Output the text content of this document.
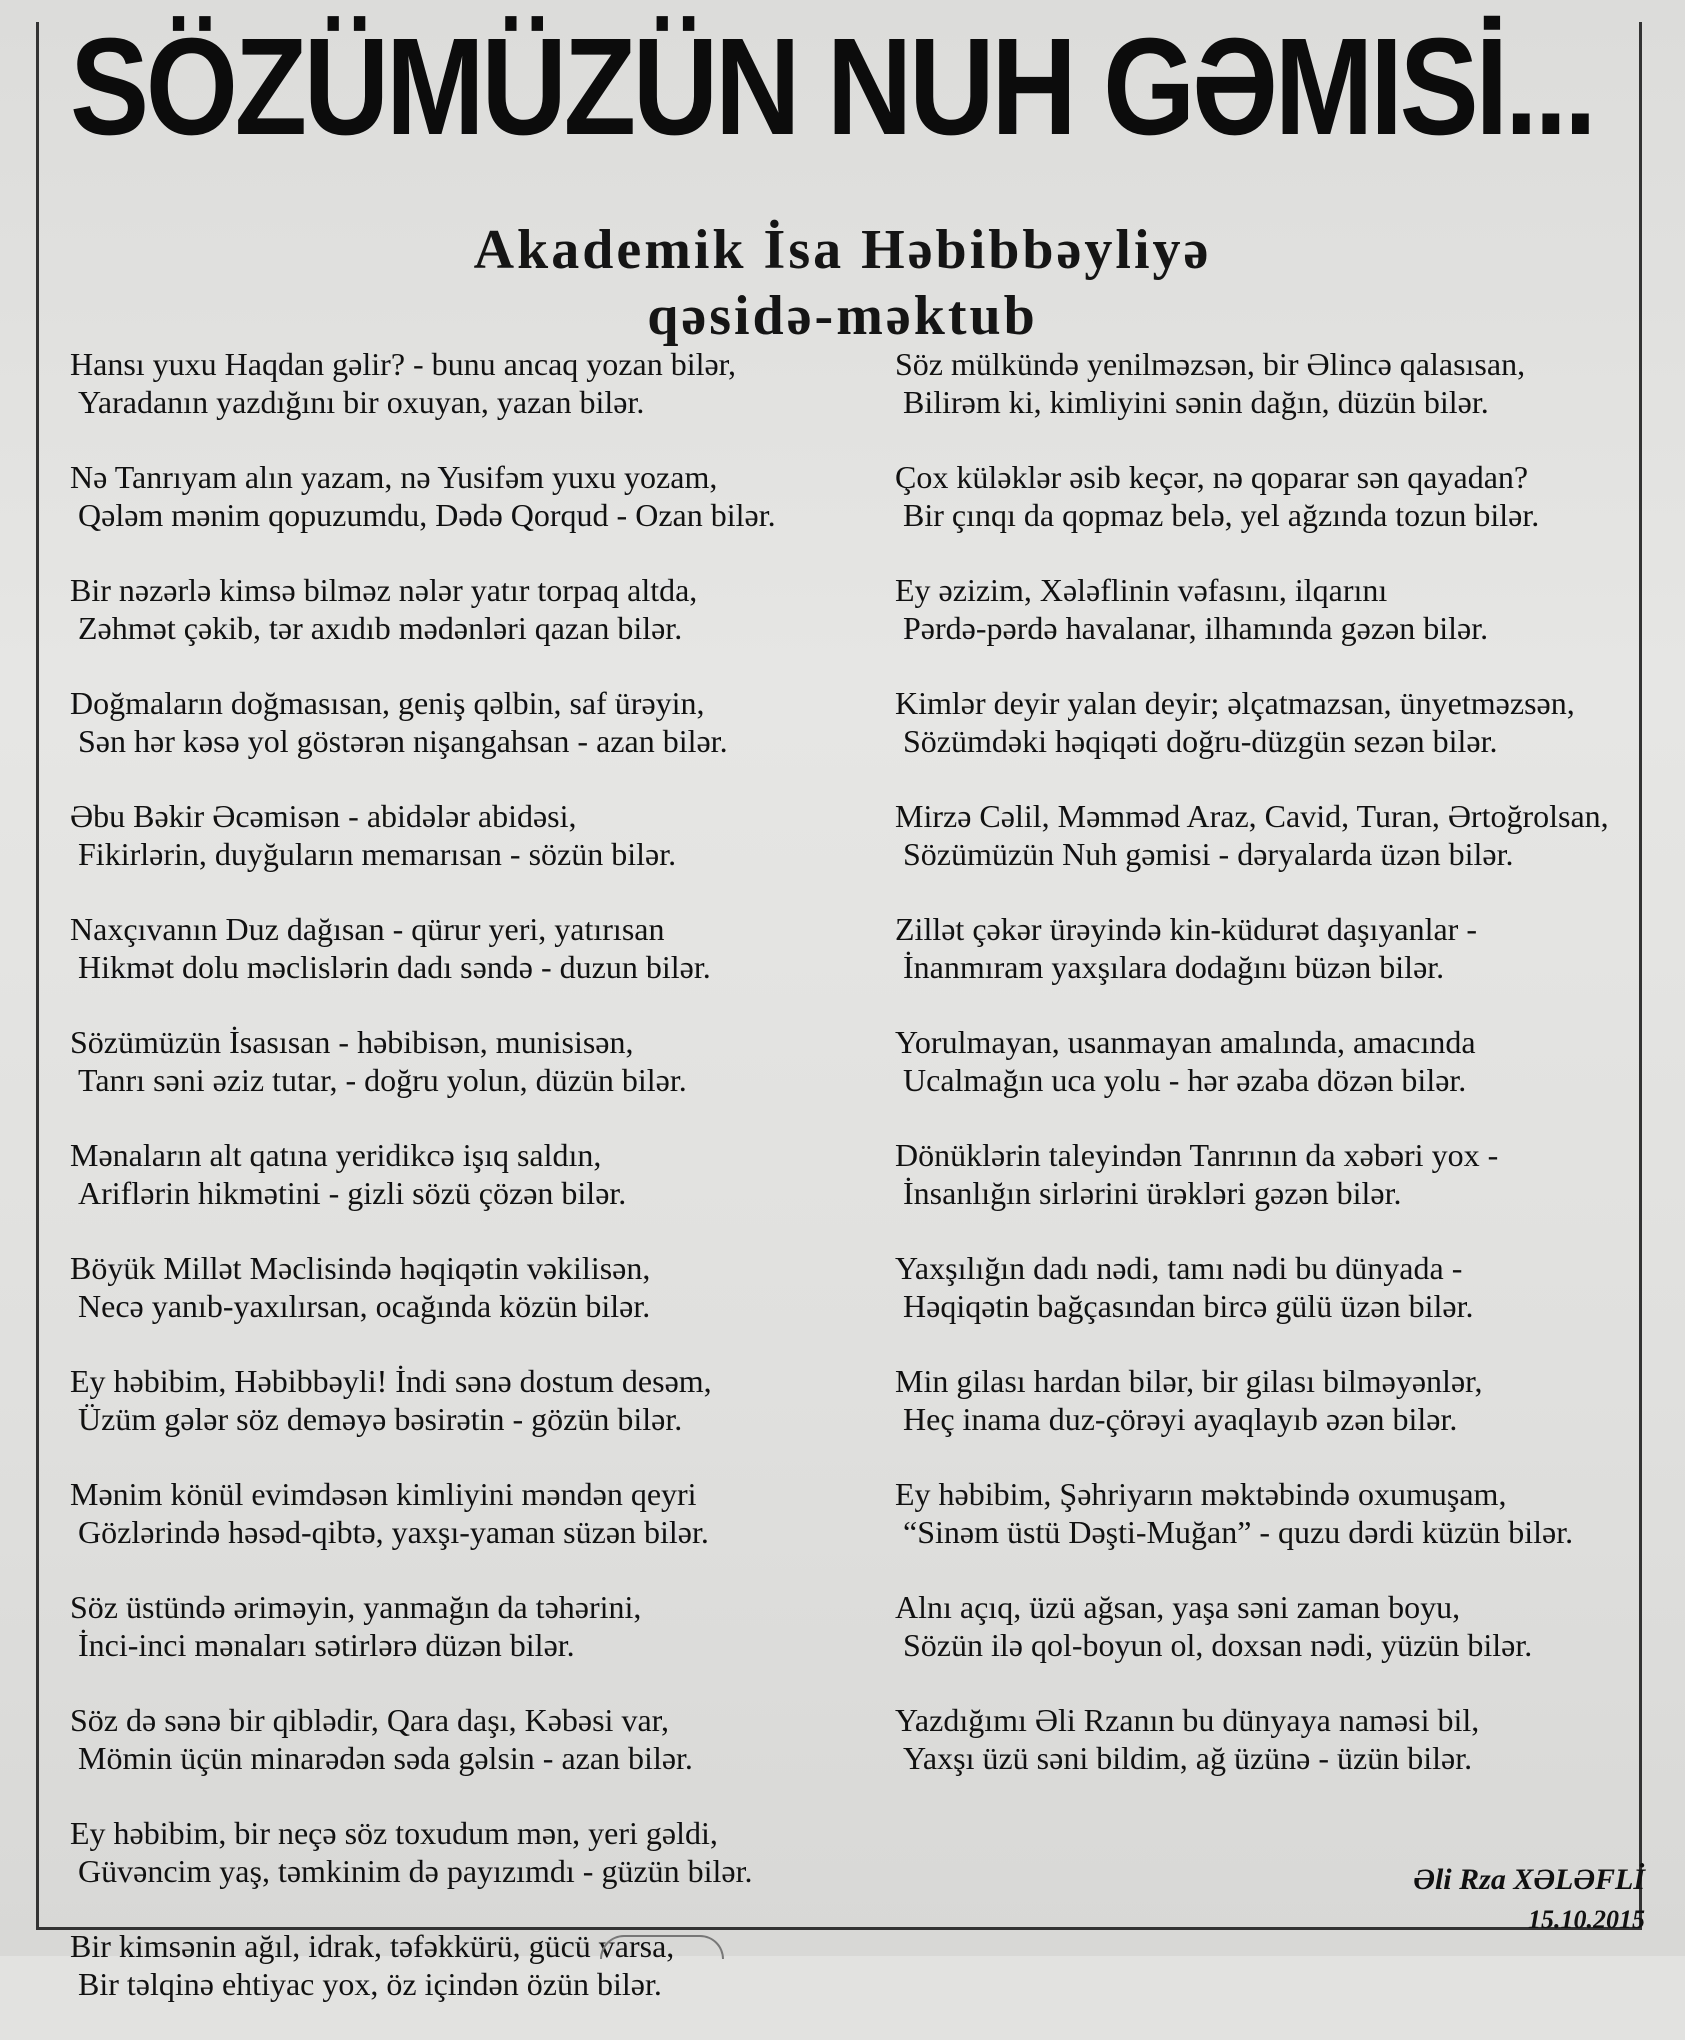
SÖZÜMÜZÜN NUH GƏMISİ...
Akademik İsa Həbibbəyliyə
qəsidə-məktub
Hansı yuxu Haqdan gəlir? - bunu ancaq yozan bilər,
Yaradanın yazdığını bir oxuyan, yazan bilər.
Nə Tanrıyam alın yazam, nə Yusifəm yuxu yozam,
Qələm mənim qopuzumdu, Dədə Qorqud - Ozan bilər.
Bir nəzərlə kimsə bilməz nələr yatır torpaq altda,
Zəhmət çəkib, tər axıdıb mədənləri qazan bilər.
Doğmaların doğmasısan, geniş qəlbin, saf ürəyin,
Sən hər kəsə yol göstərən nişangahsan - azan bilər.
Əbu Bəkir Əcəmisən - abidələr abidəsi,
Fikirlərin, duyğuların memarısan - sözün bilər.
Naxçıvanın Duz dağısan - qürur yeri, yatırısan
Hikmət dolu məclislərin dadı səndə - duzun bilər.
Sözümüzün İsasısan - həbibisən, munisisən,
Tanrı səni əziz tutar, - doğru yolun, düzün bilər.
Mənaların alt qatına yeridikcə işıq saldın,
Ariflərin hikmətini - gizli sözü çözən bilər.
Böyük Millət Məclisində həqiqətin vəkilisən,
Necə yanıb-yaxılırsan, ocağında közün bilər.
Ey həbibim, Həbibbəyli! İndi sənə dostum desəm,
Üzüm gələr söz deməyə bəsirətin - gözün bilər.
Mənim könül evimdəsən kimliyini məndən qeyri
Gözlərində həsəd-qibtə, yaxşı-yaman süzən bilər.
Söz üstündə ərimәyin, yanmağın da təhərini,
İnci-inci mənaları sətirlərə düzən bilər.
Söz də sənə bir qiblədir, Qara daşı, Kəbəsi var,
Mömin üçün minarədən səda gəlsin - azan bilər.
Ey həbibim, bir neçə söz toxudum mən, yeri gəldi,
Güvəncim yaş, təmkinim də payızımdı - güzün bilər.
Bir kimsənin ağıl, idrak, təfəkkürü, gücü varsa,
Bir təlqinə ehtiyac yox, öz içindən özün bilər.
Söz mülkündə yenilməzsən, bir Əlincə qalasısan,
Bilirəm ki, kimliyini sənin dağın, düzün bilər.
Çox küləklər əsib keçər, nə qoparar sən qayadan?
Bir çınqı da qopmaz belə, yel ağzında tozun bilər.
Ey əzizim, Xələflinin vəfasını, ilqarını
Pərdə-pərdə havalanar, ilhamında gəzən bilər.
Kimlər deyir yalan deyir; əlçatmazsan, ünyetməzsən,
Sözümdəki həqiqəti doğru-düzgün sezən bilər.
Mirzə Cəlil, Məmməd Araz, Cavid, Turan, Ərtoğrolsan,
Sözümüzün Nuh gəmisi - dəryalarda üzən bilər.
Zillət çəkər ürəyində kin-küdurət daşıyanlar -
İnanmıram yaxşılara dodağını büzən bilər.
Yorulmayan, usanmayan amalında, amacında
Ucalmağın uca yolu - hər əzaba dözən bilər.
Dönüklərin taleyindən Tanrının da xəbəri yox -
İnsanlığın sirlərini ürəkləri gəzən bilər.
Yaxşılığın dadı nədi, tamı nədi bu dünyada -
Həqiqətin bağçasından bircə gülü üzən bilər.
Min gilası hardan bilər, bir gilası bilməyənlər,
Heç inama duz-çörəyi ayaqlayıb əzən bilər.
Ey həbibim, Şəhriyarın məktəbində oxumuşam,
“Sinəm üstü Dəşti-Muğan” - quzu dərdi küzün bilər.
Alnı açıq, üzü ağsan, yaşa səni zaman boyu,
Sözün ilə qol-boyun ol, doxsan nədi, yüzün bilər.
Yazdığımı Əli Rzanın bu dünyaya naməsi bil,
Yaxşı üzü səni bildim, ağ üzünə - üzün bilər.
Əli Rza XƏLƏFLİ
15.10.2015
